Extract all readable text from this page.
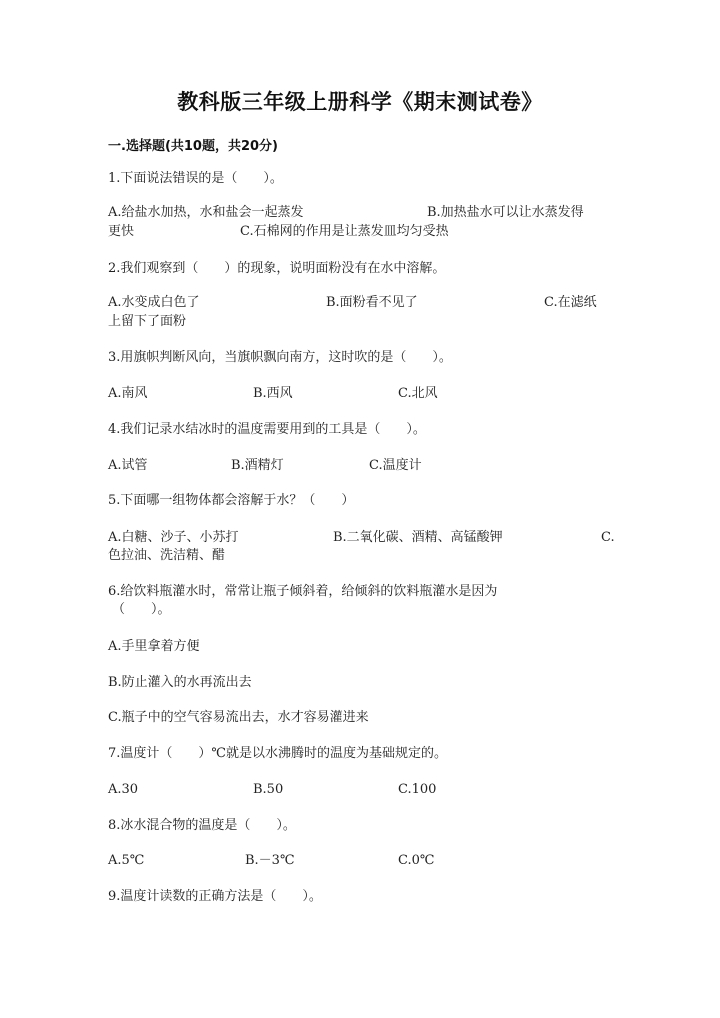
教科版三年级上册科学《期末测试卷》
一.选择题(共10题，共20分)
1.下面说法错误的是（　　）。
A.给盐水加热，水和盐会一起蒸发	B.加热盐水可以让水蒸发得
更快	C.石棉网的作用是让蒸发皿均匀受热
2.我们观察到（　　）的现象，说明面粉没有在水中溶解。
A.水变成白色了	B.面粉看不见了	C.在滤纸
上留下了面粉
3.用旗帜判断风向，当旗帜飘向南方，这时吹的是（　　）。
A.南风	B.西风	C.北风
4.我们记录水结冰时的温度需要用到的工具是（　　）。
A.试管	B.酒精灯	C.温度计
5.下面哪一组物体都会溶解于水？（　　）
A.白糖、沙子、小苏打	B.二氧化碳、酒精、高锰酸钾	C.
色拉油、洗洁精、醋
6.给饮料瓶灌水时，常常让瓶子倾斜着，给倾斜的饮料瓶灌水是因为
（　　）。
A.手里拿着方便
B.防止灌入的水再流出去
C.瓶子中的空气容易流出去，水才容易灌进来
7.温度计（　　）℃就是以水沸腾时的温度为基础规定的。
A.30	B.50	C.100
8.冰水混合物的温度是（　　）。
A.5℃	B.－3℃	C.0℃
9.温度计读数的正确方法是（　　）。
